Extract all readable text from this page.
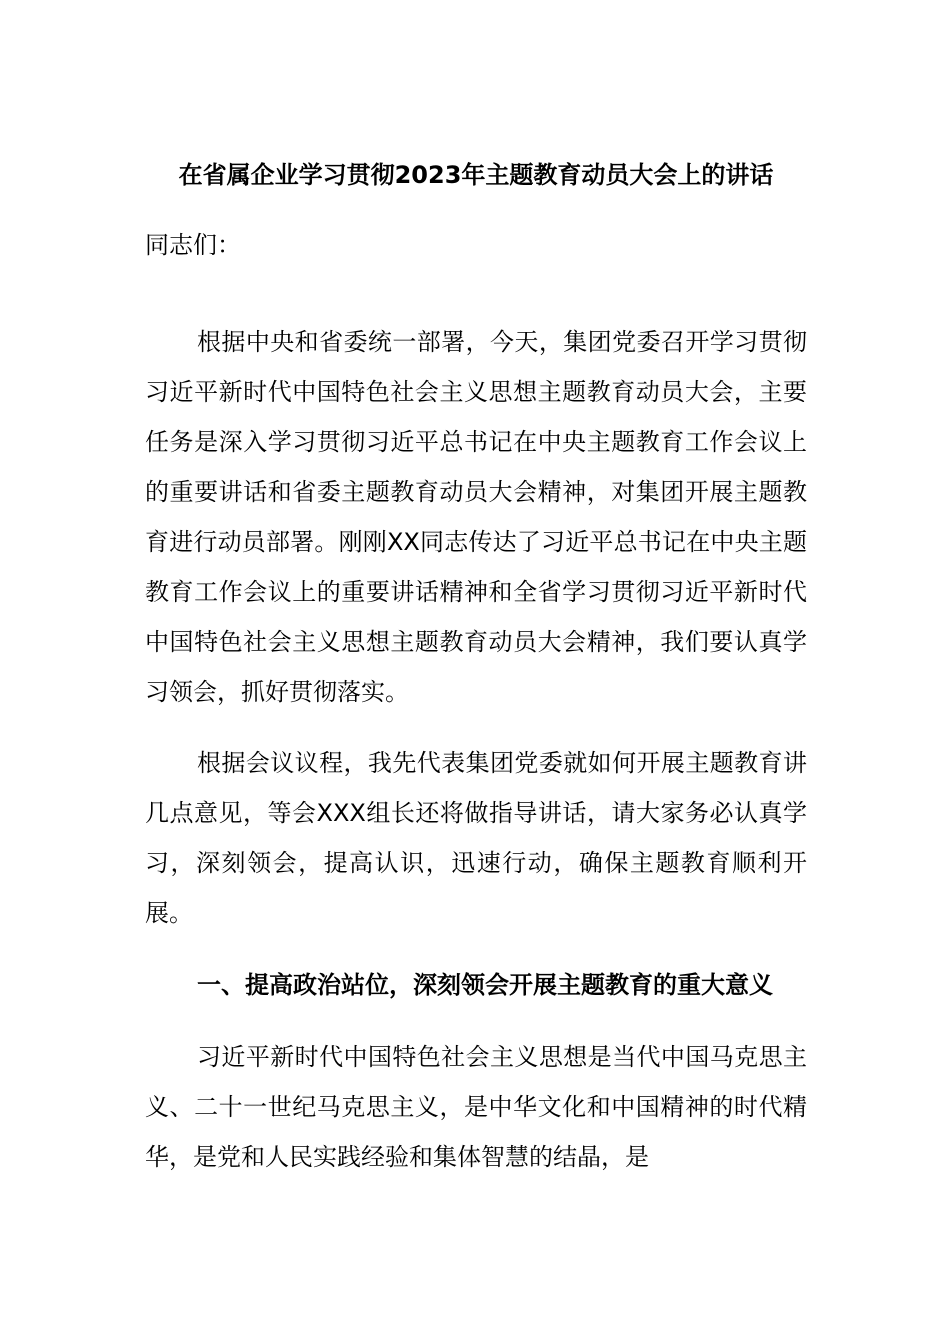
在省属企业学习贯彻2023年主题教育动员大会上的讲话

同志们：

根据中央和省委统一部署，今天，集团党委召开学习贯彻习近平新时代中国特色社会主义思想主题教育动员大会，主要任务是深入学习贯彻习近平总书记在中央主题教育工作会议上的重要讲话和省委主题教育动员大会精神，对集团开展主题教育进行动员部署。刚刚XX同志传达了习近平总书记在中央主题教育工作会议上的重要讲话精神和全省学习贯彻习近平新时代中国特色社会主义思想主题教育动员大会精神，我们要认真学习领会，抓好贯彻落实。

根据会议议程，我先代表集团党委就如何开展主题教育讲几点意见，等会XXX组长还将做指导讲话，请大家务必认真学习，深刻领会，提高认识，迅速行动，确保主题教育顺利开展。

一、提高政治站位，深刻领会开展主题教育的重大意义

习近平新时代中国特色社会主义思想是当代中国马克思主义、二十一世纪马克思主义，是中华文化和中国精神的时代精华，是党和人民实践经验和集体智慧的结晶，是
